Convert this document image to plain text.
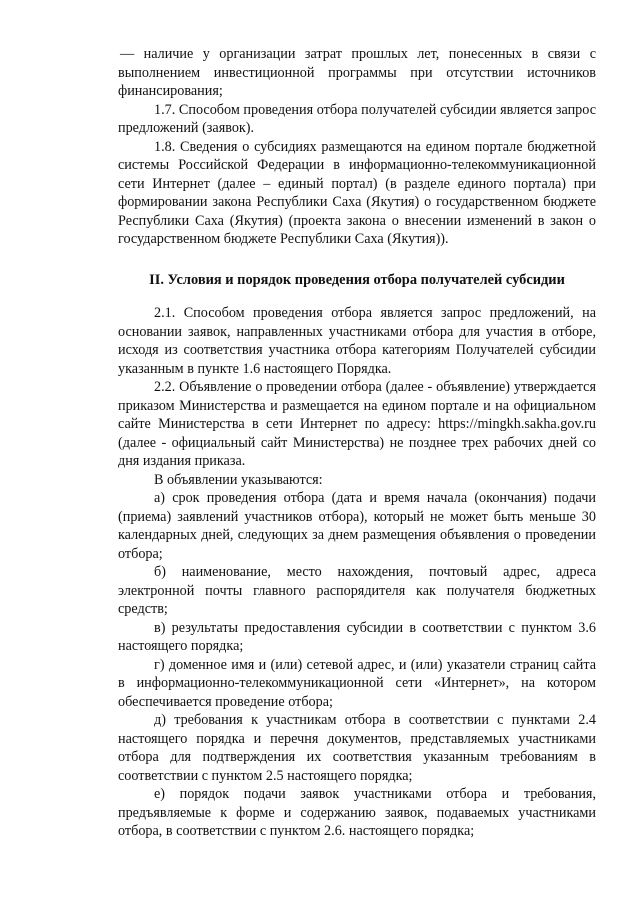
— наличие у организации затрат прошлых лет, понесенных в связи с выполнением инвестиционной программы при отсутствии источников финансирования;

1.7. Способом проведения отбора получателей субсидии является запрос предложений (заявок).

1.8. Сведения о субсидиях размещаются на едином портале бюджетной системы Российской Федерации в информационно-телекоммуникационной сети Интернет (далее – единый портал) (в разделе единого портала) при формировании закона Республики Саха (Якутия) о государственном бюджете Республики Саха (Якутия) (проекта закона о внесении изменений в закон о государственном бюджете Республики Саха (Якутия)).

II. Условия и порядок проведения отбора получателей субсидии

2.1. Способом проведения отбора является запрос предложений, на основании заявок, направленных участниками отбора для участия в отборе, исходя из соответствия участника отбора категориям Получателей субсидии указанным в пункте 1.6 настоящего Порядка.

2.2. Объявление о проведении отбора (далее - объявление) утверждается приказом Министерства и размещается на едином портале и на официальном сайте Министерства в сети Интернет по адресу: https://mingkh.sakha.gov.ru (далее - официальный сайт Министерства) не позднее трех рабочих дней со дня издания приказа.

В объявлении указываются:

а) срок проведения отбора (дата и время начала (окончания) подачи (приема) заявлений участников отбора), который не может быть меньше 30 календарных дней, следующих за днем размещения объявления о проведении отбора;

б) наименование, место нахождения, почтовый адрес, адреса электронной почты главного распорядителя как получателя бюджетных средств;

в) результаты предоставления субсидии в соответствии с пунктом 3.6 настоящего порядка;

г) доменное имя и (или) сетевой адрес, и (или) указатели страниц сайта в информационно-телекоммуникационной сети «Интернет», на котором обеспечивается проведение отбора;

д) требования к участникам отбора в соответствии с пунктами 2.4 настоящего порядка и перечня документов, представляемых участниками отбора для подтверждения их соответствия указанным требованиям в соответствии с пунктом 2.5 настоящего порядка;

е) порядок подачи заявок участниками отбора и требования, предъявляемые к форме и содержанию заявок, подаваемых участниками отбора, в соответствии с пунктом 2.6. настоящего порядка;
